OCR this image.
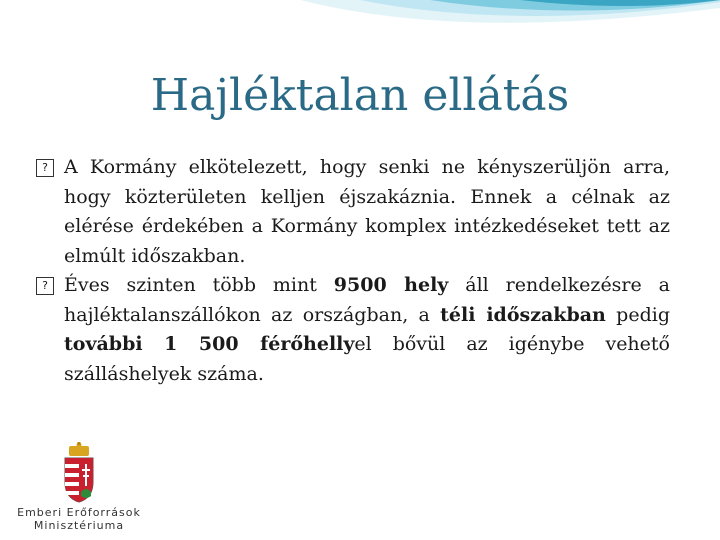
Hajléktalan ellátás

? A Kormány elkötelezett, hogy senki ne kényszerüljön arra, hogy közterületen kelljen éjszakáznia. Ennek a célnak az elérése érdekében a Kormány komplex intézkedéseket tett az elmúlt időszakban.

? Éves szinten több mint 9500 hely áll rendelkezésre a hajléktalanszállókon az országban, a téli időszakban pedig további 1 500 férőhellyel bővül az igénybe vehető szálláshelyek száma.

Emberi Erőforrások
Minisztériuma
